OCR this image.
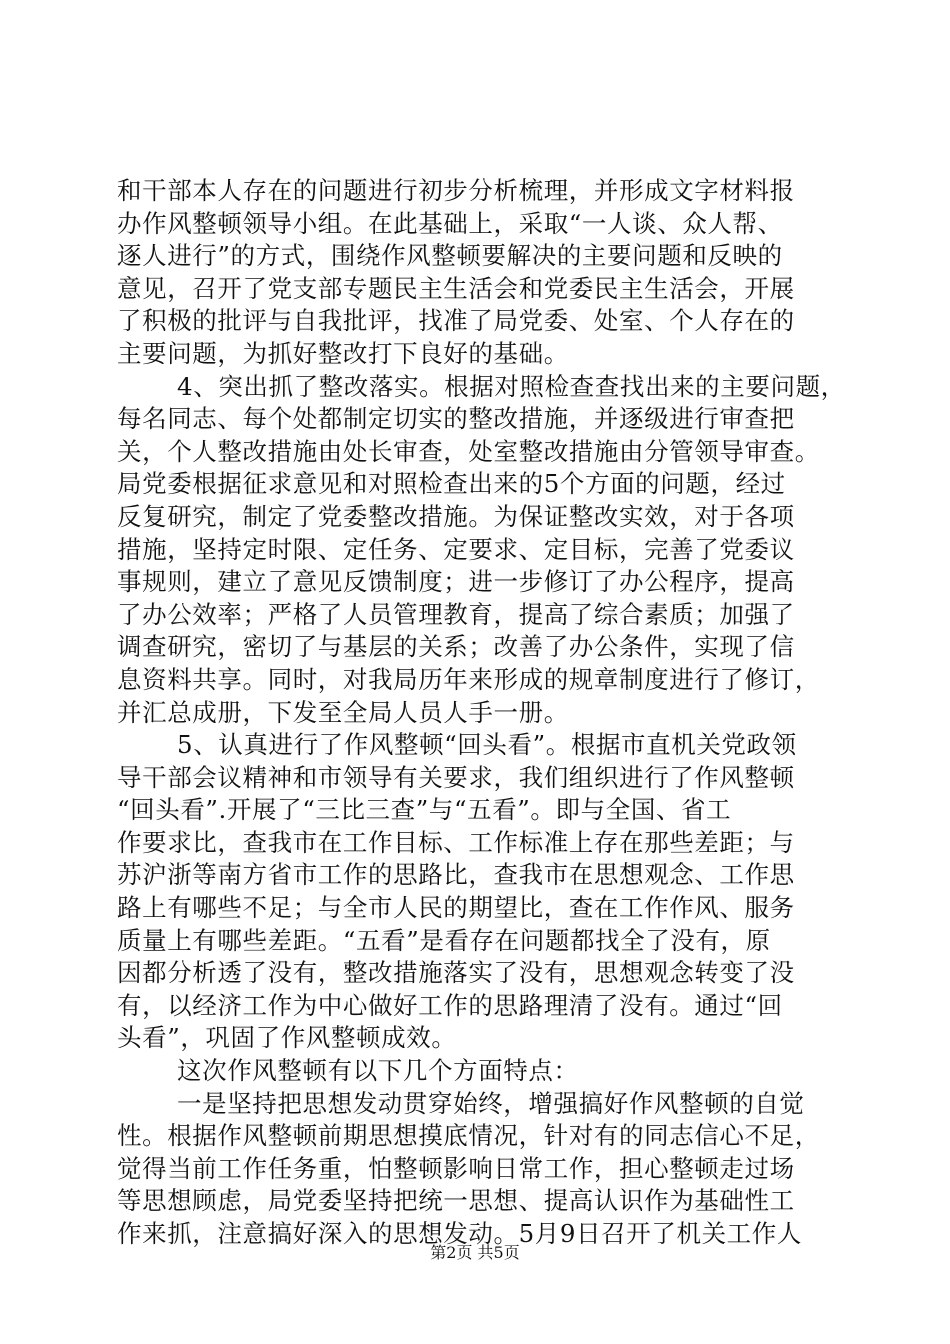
和干部本人存在的问题进行初步分析梳理，并形成文字材料报
办作风整顿领导小组。在此基础上，采取“一人谈、众人帮、
逐人进行”的方式，围绕作风整顿要解决的主要问题和反映的
意见，召开了党支部专题民主生活会和党委民主生活会，开展
了积极的批评与自我批评，找准了局党委、处室、个人存在的
主要问题，为抓好整改打下良好的基础。
4、突出抓了整改落实。根据对照检查查找出来的主要问题，
每名同志、每个处都制定切实的整改措施，并逐级进行审查把
关，个人整改措施由处长审查，处室整改措施由分管领导审查。
局党委根据征求意见和对照检查出来的5个方面的问题，经过
反复研究，制定了党委整改措施。为保证整改实效，对于各项
措施，坚持定时限、定任务、定要求、定目标，完善了党委议
事规则，建立了意见反馈制度；进一步修订了办公程序，提高
了办公效率；严格了人员管理教育，提高了综合素质；加强了
调查研究，密切了与基层的关系；改善了办公条件，实现了信
息资料共享。同时，对我局历年来形成的规章制度进行了修订，
并汇总成册，下发至全局人员人手一册。
5、认真进行了作风整顿“回头看”。根据市直机关党政领
导干部会议精神和市领导有关要求，我们组织进行了作风整顿
“回头看”.开展了“三比三查”与“五看”。即与全国、省工
作要求比，查我市在工作目标、工作标准上存在那些差距；与
苏沪浙等南方省市工作的思路比，查我市在思想观念、工作思
路上有哪些不足；与全市人民的期望比，查在工作作风、服务
质量上有哪些差距。“五看”是看存在问题都找全了没有，原
因都分析透了没有，整改措施落实了没有，思想观念转变了没
有，以经济工作为中心做好工作的思路理清了没有。通过“回
头看”，巩固了作风整顿成效。
这次作风整顿有以下几个方面特点：
一是坚持把思想发动贯穿始终，增强搞好作风整顿的自觉
性。根据作风整顿前期思想摸底情况，针对有的同志信心不足，
觉得当前工作任务重，怕整顿影响日常工作，担心整顿走过场
等思想顾虑，局党委坚持把统一思想、提高认识作为基础性工
作来抓，注意搞好深入的思想发动。5月9日召开了机关工作人
第2页 共5页
